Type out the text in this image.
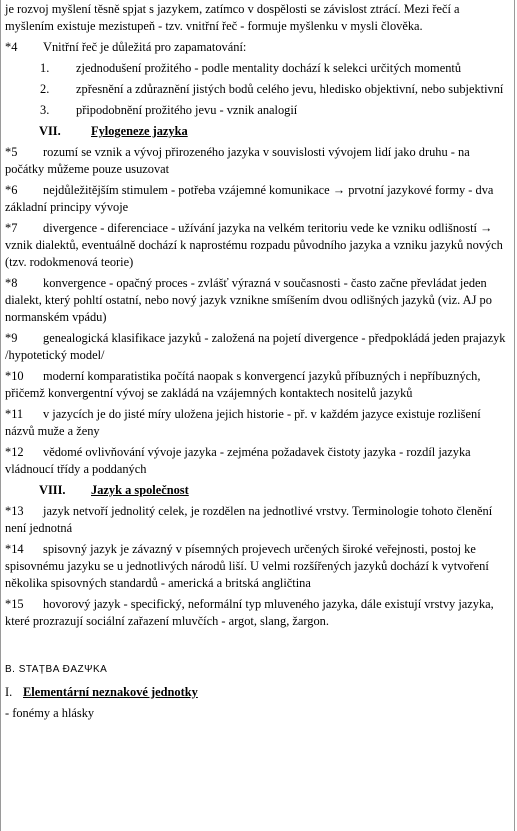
je rozvoj myšlení těsně spjat s jazykem, zatímco v dospělosti se závislost ztrácí. Mezi řečí a myšlením existuje mezistupeň - tzv. vnitřní řeč - formuje myšlenku v mysli člověka.

*4 Vnitřní řeč je důležitá pro zapamatování:
1. zjednodušení prožitého - podle mentality dochází k selekci určitých momentů
2. zpřesnění a zdůraznění jistých bodů celého jevu, hledisko objektivní, nebo subjektivní
3. připodobnění prožitého jevu - vznik analogií
VII. Fylogeneze jazyka
*5 rozumí se vznik a vývoj přirozeného jazyka v souvislosti vývojem lidí jako druhu - na počátky můžeme pouze usuzovat
*6 nejdůležitějším stimulem - potřeba vzájemné komunikace → prvotní jazykové formy - dva základní principy vývoje
*7 divergence - diferenciace - užívání jazyka na velkém teritoriu vede ke vzniku odlišností → vznik dialektů, eventuálně dochází k naprostému rozpadu původního jazyka a vzniku jazyků nových (tzv. rodokmenová teorie)
*8 konvergence - opačný proces - zvlášť výrazná v současnosti - často začne převládat jeden dialekt, který pohltí ostatní, nebo nový jazyk vznikne smíšením dvou odlišných jazyků (viz. AJ po normanském vpádu)
*9 genealogická klasifikace jazyků - založená na pojetí divergence - předpokládá jeden prajazyk /hypotetický model/
*10 moderní komparatistika počítá naopak s konvergencí jazyků příbuzných i nepříbuzných, přičemž konvergentní vývoj se zakládá na vzájemných kontaktech nositelů jazyků
*11 v jazycích je do jisté míry uložena jejich historie - př. v každém jazyce existuje rozlišení názvů muže a ženy
*12 vědomé ovlivňování vývoje jazyka - zejména požadavek čistoty jazyka - rozdíl jazyka vládnoucí třídy a poddaných
VIII. Jazyk a společnost
*13 jazyk netvoří jednolitý celek, je rozdělen na jednotlivé vrstvy. Terminologie tohoto členění není jednotná
*14 spisovný jazyk je závazný v písemných projevech určených široké veřejnosti, postoj ke spisovnému jazyku se u jednotlivých národů liší. U velmi rozšířených jazyků dochází k vytvoření několika spisovných standardů - americká a britská angličtina
*15 hovorový jazyk - specifický, neformální typ mluveného jazyka, dále existují vrstvy jazyka, které prozrazují sociální zařazení mluvčích - argot, slang, žargon.
B. STAȚBA ĐAZΨKA
I. Elementární neznakové jednotky

- fonémy a hlásky
